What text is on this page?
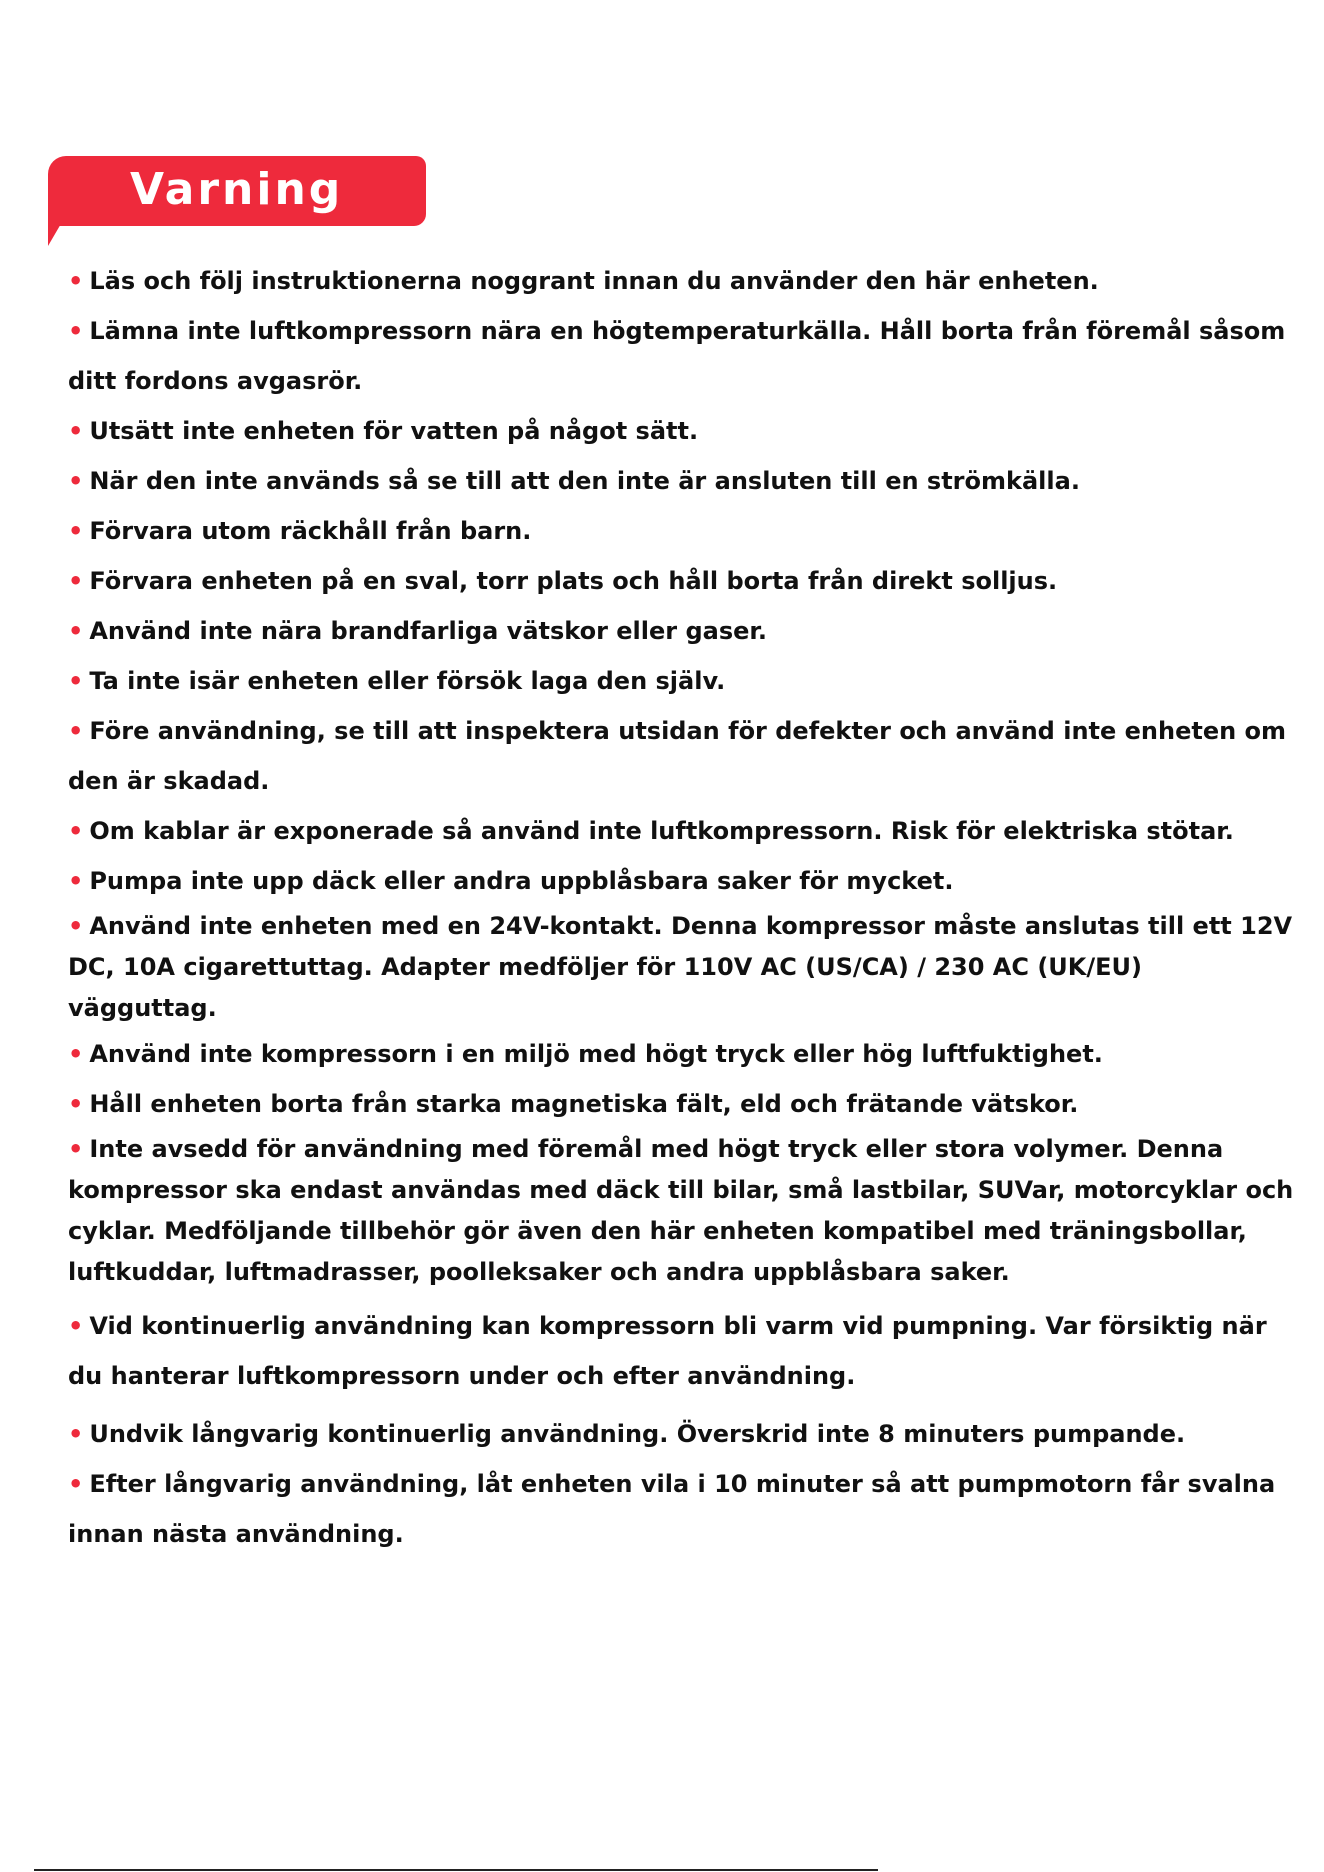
Varning
• Läs och följ instruktionerna noggrant innan du använder den här enheten.
• Lämna inte luftkompressorn nära en högtemperaturkälla. Håll borta från föremål såsom ditt fordons avgasrör.
• Utsätt inte enheten för vatten på något sätt.
• När den inte används så se till att den inte är ansluten till en strömkälla.
• Förvara utom räckhåll från barn.
• Förvara enheten på en sval, torr plats och håll borta från direkt solljus.
• Använd inte nära brandfarliga vätskor eller gaser.
• Ta inte isär enheten eller försök laga den själv.
• Före användning, se till att inspektera utsidan för defekter och använd inte enheten om den är skadad.
• Om kablar är exponerade så använd inte luftkompressorn. Risk för elektriska stötar.
• Pumpa inte upp däck eller andra uppblåsbara saker för mycket.
• Använd inte enheten med en 24V-kontakt. Denna kompressor måste anslutas till ett 12V DC, 10A cigarettuttag. Adapter medföljer för 110V AC (US/CA) / 230 AC (UK/EU) vägguttag.
• Använd inte kompressorn i en miljö med högt tryck eller hög luftfuktighet.
• Håll enheten borta från starka magnetiska fält, eld och frätande vätskor.
• Inte avsedd för användning med föremål med högt tryck eller stora volymer. Denna kompressor ska endast användas med däck till bilar, små lastbilar, SUVar, motorcyklar och cyklar. Medföljande tillbehör gör även den här enheten kompatibel med träningsbollar, luftkuddar, luftmadrasser, poolleksaker och andra uppblåsbara saker.
• Vid kontinuerlig användning kan kompressorn bli varm vid pumpning. Var försiktig när du hanterar luftkompressorn under och efter användning.
• Undvik långvarig kontinuerlig användning. Överskrid inte 8 minuters pumpande.
• Efter långvarig användning, låt enheten vila i 10 minuter så att pumpmotorn får svalna innan nästa användning.
